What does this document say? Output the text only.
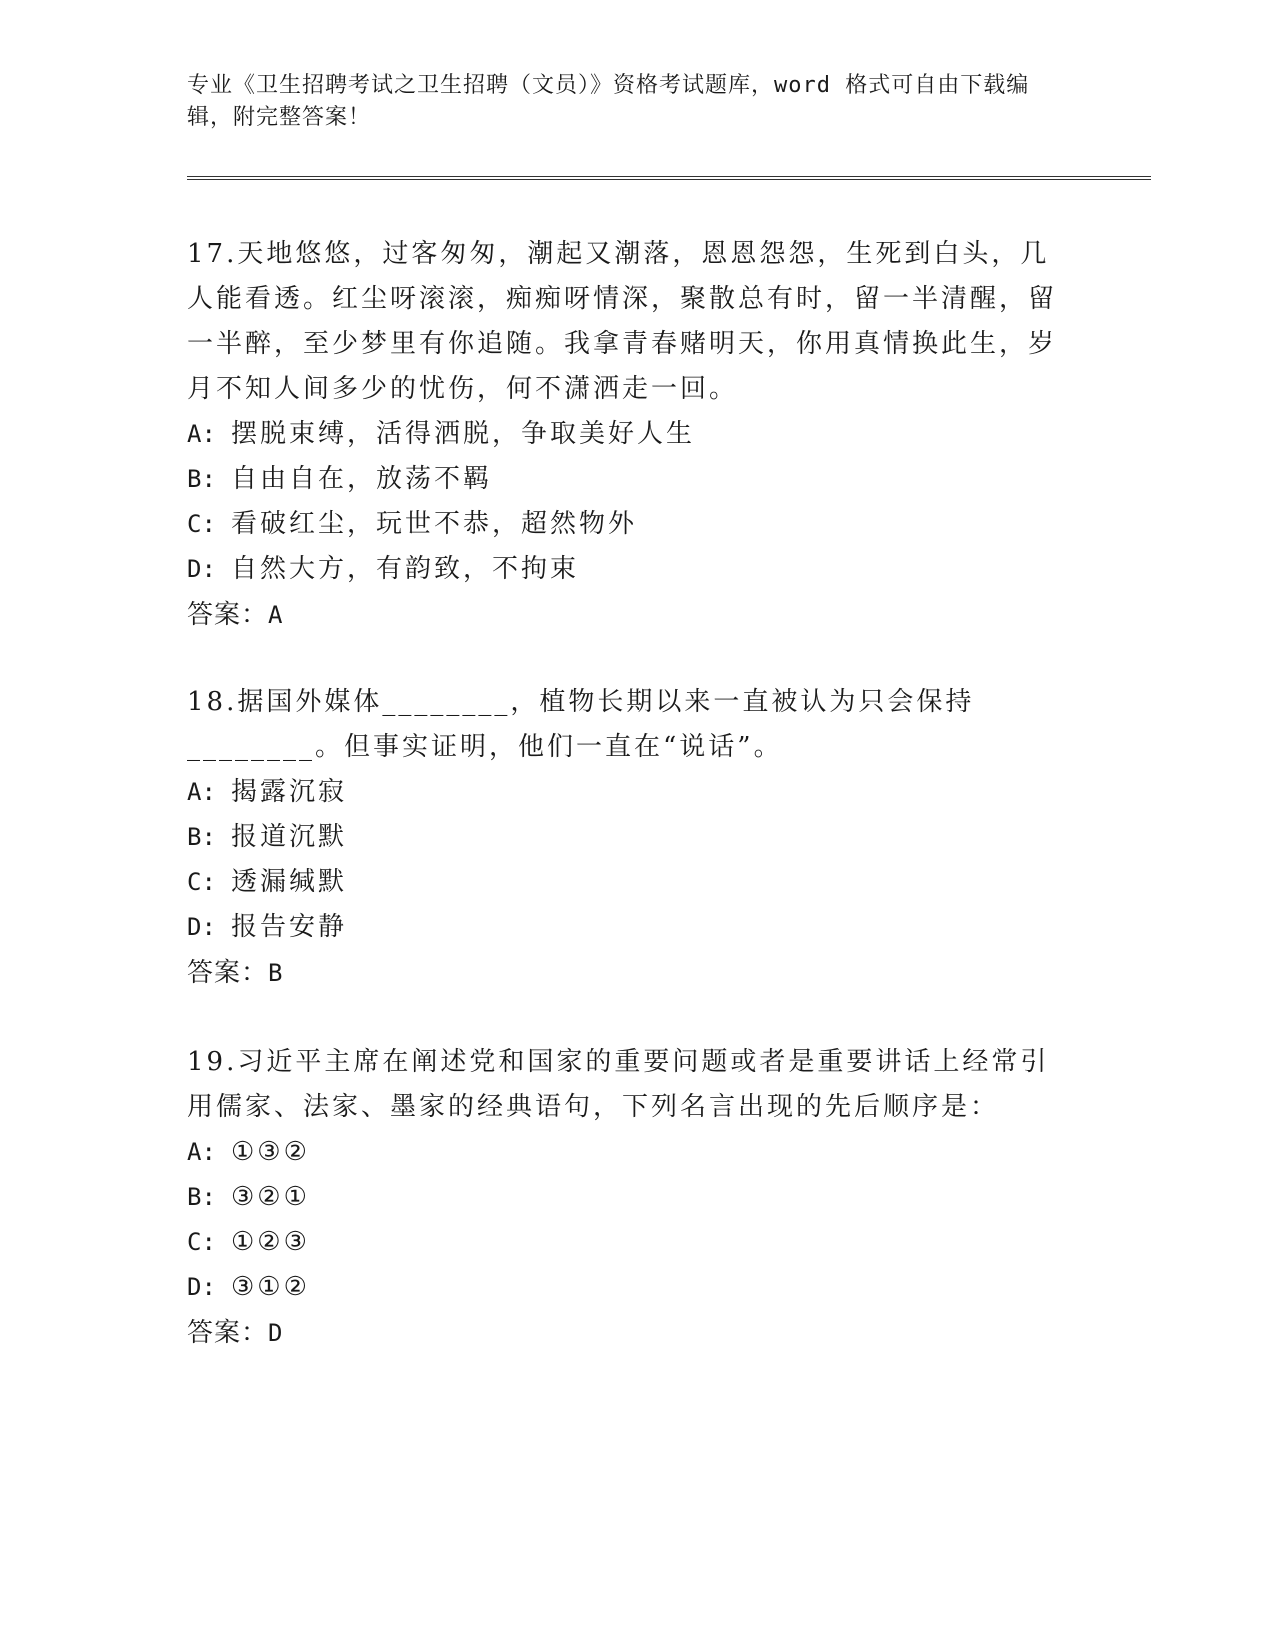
专业《卫生招聘考试之卫生招聘（文员）》资格考试题库，word 格式可自由下载编辑，附完整答案！
17.天地悠悠，过客匆匆，潮起又潮落，恩恩怨怨，生死到白头，几人能看透。红尘呀滚滚，痴痴呀情深，聚散总有时，留一半清醒，留一半醉，至少梦里有你追随。我拿青春赌明天，你用真情换此生，岁月不知人间多少的忧伤，何不潇洒走一回。
A: 摆脱束缚，活得洒脱，争取美好人生
B: 自由自在，放荡不羁
C: 看破红尘，玩世不恭，超然物外
D: 自然大方，有韵致，不拘束
答案：A
18.据国外媒体________，植物长期以来一直被认为只会保持________。但事实证明，他们一直在“说话”。
A: 揭露沉寂
B: 报道沉默
C: 透漏缄默
D: 报告安静
答案：B
19.习近平主席在阐述党和国家的重要问题或者是重要讲话上经常引用儒家、法家、墨家的经典语句，下列名言出现的先后顺序是：
A: ①③②
B: ③②①
C: ①②③
D: ③①②
答案：D
